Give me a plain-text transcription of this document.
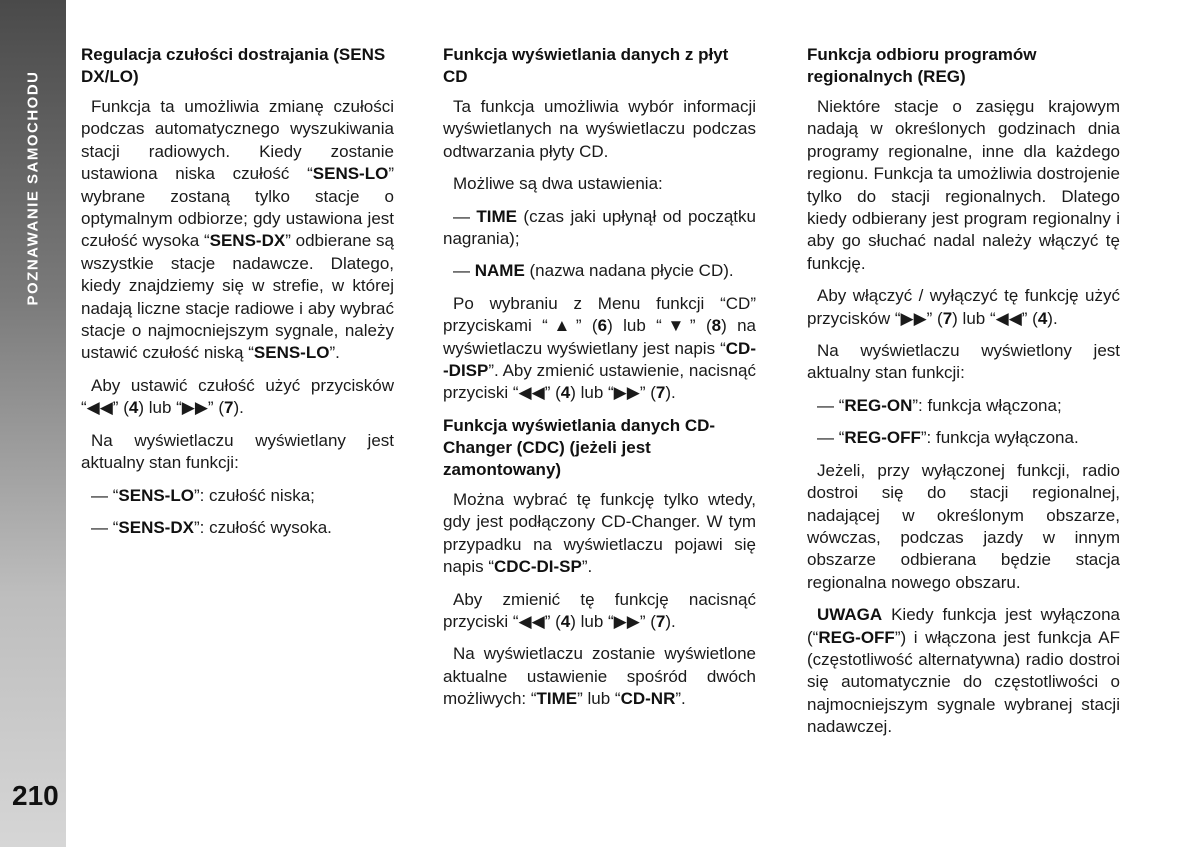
POZNAWANIE SAMOCHODU
210
Regulacja czułości dostrajania (SENS DX/LO)

Funkcja ta umożliwia zmianę czułości podczas automatycznego wyszukiwania stacji radiowych. Kiedy zostanie ustawiona niska czułość “SENS-LO” wybrane zostaną tylko stacje o optymalnym odbiorze; gdy ustawiona jest czułość wysoka “SENS-DX” odbierane są wszystkie stacje nadawcze. Dlatego, kiedy znajdziemy się w strefie, w której nadają liczne stacje radiowe i aby wybrać stacje o najmocniejszym sygnale, należy ustawić czułość niską “SENS-LO”.

Aby ustawić czułość użyć przycisków “◀◀” (4) lub “▶▶” (7).

Na wyświetlaczu wyświetlany jest aktualny stan funkcji:

— “SENS-LO”: czułość niska;

— “SENS-DX”: czułość wysoka.

Funkcja wyświetlania danych z płyt CD

Ta funkcja umożliwia wybór informacji wyświetlanych na wyświetlaczu podczas odtwarzania płyty CD.

Możliwe są dwa ustawienia:

— TIME (czas jaki upłynął od początku nagrania);

— NAME (nazwa nadana płycie CD).

Po wybraniu z Menu funkcji “CD” przyciskami “▲” (6) lub “▼” (8) na wyświetlaczu wyświetlany jest napis “CD--DISP”. Aby zmienić ustawienie, nacisnąć przyciski “◀◀” (4) lub “▶▶” (7).

Funkcja wyświetlania danych CD-Changer (CDC) (jeżeli jest zamontowany)

Można wybrać tę funkcję tylko wtedy, gdy jest podłączony CD-Changer. W tym przypadku na wyświetlaczu pojawi się napis “CDC-DI-SP”.

Aby zmienić tę funkcję nacisnąć przyciski “◀◀” (4) lub “▶▶” (7).

Na wyświetlaczu zostanie wyświetlone aktualne ustawienie spośród dwóch możliwych: “TIME” lub “CD-NR”.

Funkcja odbioru programów regionalnych (REG)

Niektóre stacje o zasięgu krajowym nadają w określonych godzinach dnia programy regionalne, inne dla każdego regionu. Funkcja ta umożliwia dostrojenie tylko do stacji regionalnych. Dlatego kiedy odbierany jest program regionalny i aby go słuchać nadal należy włączyć tę funkcję.

Aby włączyć / wyłączyć tę funkcję użyć przycisków “▶▶” (7) lub “◀◀” (4).

Na wyświetlaczu wyświetlony jest aktualny stan funkcji:

— “REG-ON”: funkcja włączona;

— “REG-OFF”: funkcja wyłączona.

Jeżeli, przy wyłączonej funkcji, radio dostroi się do stacji regionalnej, nadającej w określonym obszarze, wówczas, podczas jazdy w innym obszarze odbierana będzie stacja regionalna nowego obszaru.

UWAGA Kiedy funkcja jest wyłączona (“REG-OFF”) i włączona jest funkcja AF (częstotliwość alternatywna) radio dostroi się automatycznie do częstotliwości o najmocniejszym sygnale wybranej stacji nadawczej.
